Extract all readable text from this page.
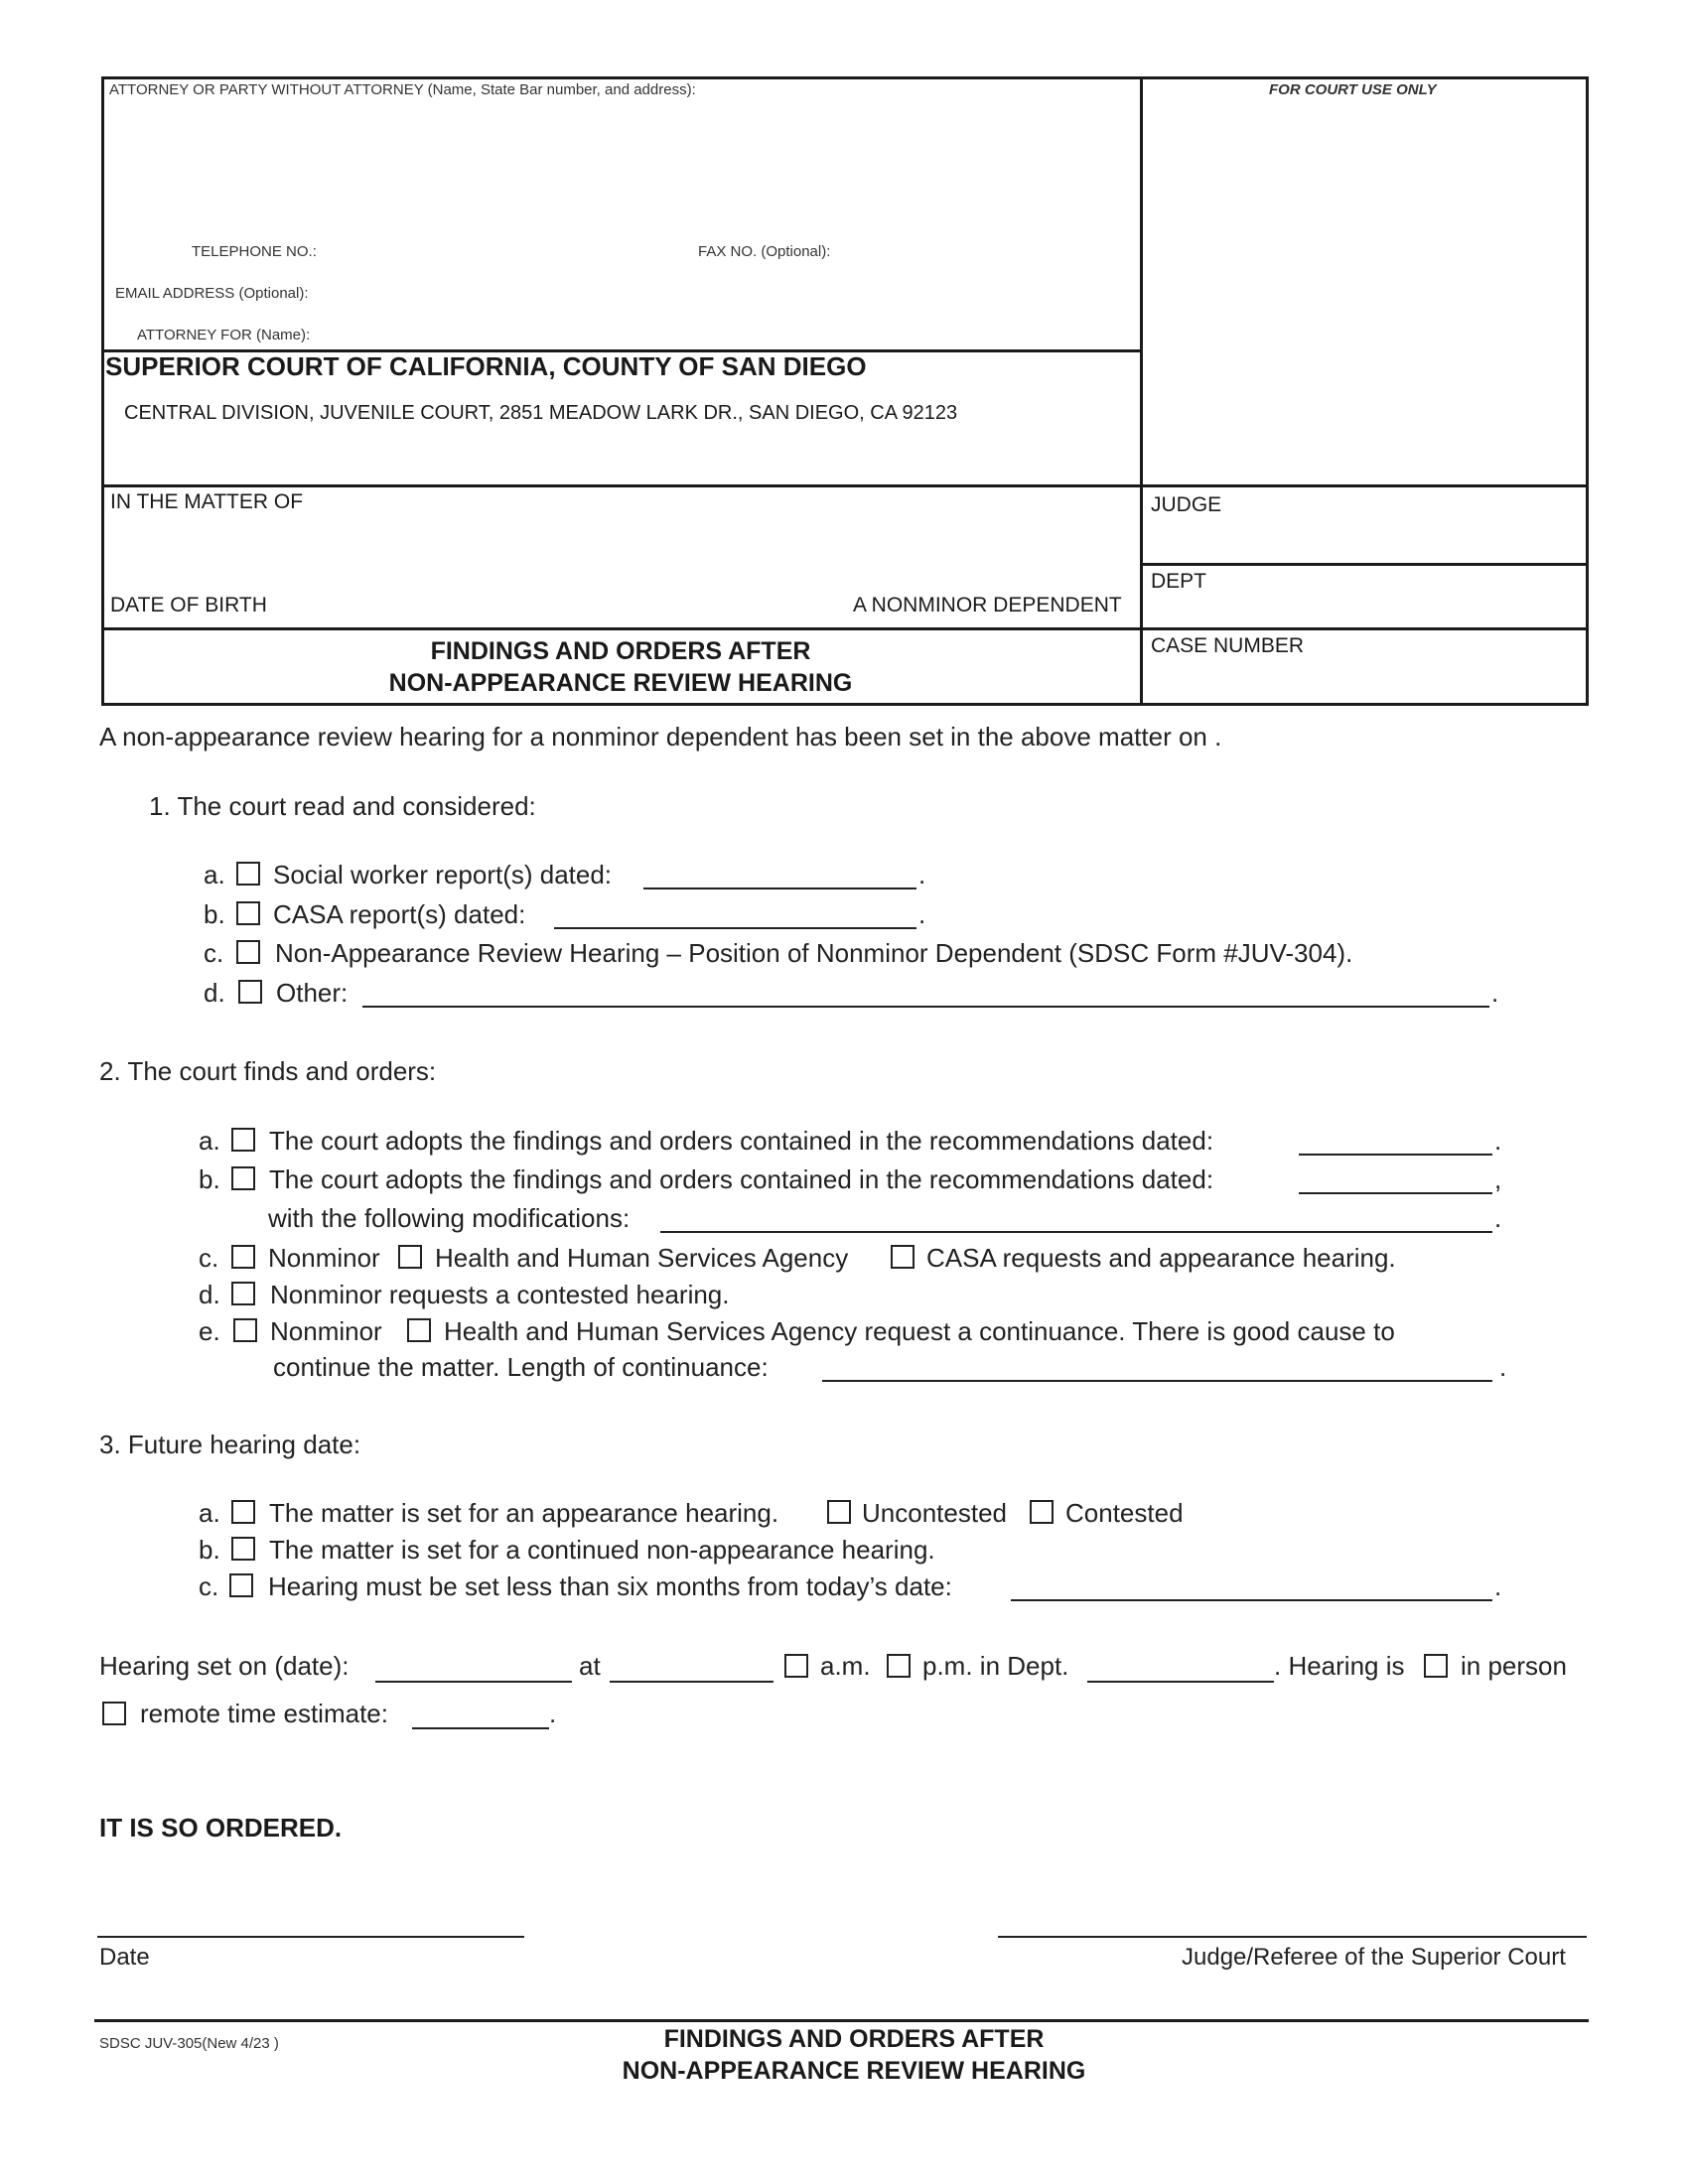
ATTORNEY OR PARTY WITHOUT ATTORNEY (Name, State Bar number, and address):	FOR COURT USE ONLY
TELEPHONE NO.:	FAX NO. (Optional):
EMAIL ADDRESS (Optional):
ATTORNEY FOR (Name):
SUPERIOR COURT OF CALIFORNIA, COUNTY OF SAN DIEGO
CENTRAL DIVISION, JUVENILE COURT, 2851 MEADOW LARK DR., SAN DIEGO, CA 92123
IN THE MATTER OF
DATE OF BIRTH	A NONMINOR DEPENDENT
JUDGE
DEPT
CASE NUMBER
FINDINGS AND ORDERS AFTER
NON-APPEARANCE REVIEW HEARING
A non-appearance review hearing for a nonminor dependent has been set in the above matter on .
1. The court read and considered:
a. Social worker report(s) dated:	.
b. CASA report(s) dated:	.
c. Non-Appearance Review Hearing – Position of Nonminor Dependent (SDSC Form #JUV-304).
d. Other:	.
2. The court finds and orders:
a. The court adopts the findings and orders contained in the recommendations dated:	.
b. The court adopts the findings and orders contained in the recommendations dated:	,
with the following modifications:	.
c. Nonminor Health and Human Services Agency	CASA requests and appearance hearing.
d. Nonminor requests a contested hearing.
e. Nonminor Health and Human Services Agency request a continuance. There is good cause to
continue the matter. Length of continuance:	.
3. Future hearing date:
a. The matter is set for an appearance hearing.	Uncontested Contested
b. The matter is set for a continued non-appearance hearing.
c. Hearing must be set less than six months from today’s date:	.
Hearing set on (date):	at	a.m. p.m. in Dept.	. Hearing is in person
remote time estimate:	.
IT IS SO ORDERED.
Date	Judge/Referee of the Superior Court
SDSC JUV-305(New 4/23 )	FINDINGS AND ORDERS AFTER
NON-APPEARANCE REVIEW HEARING
